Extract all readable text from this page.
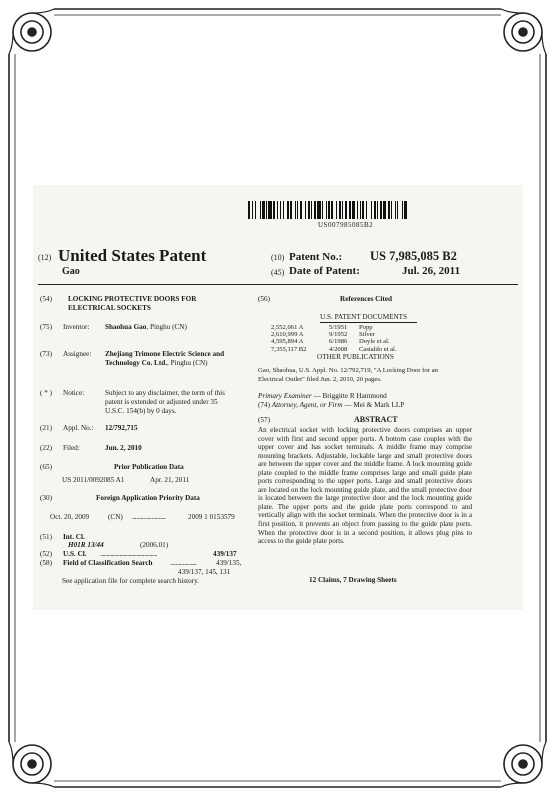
US007985085B2
(12) United States Patent
Gao
(10) Patent No.: US 7,985,085 B2
(45) Date of Patent:	Jul. 26, 2011
(54) LOCKING PROTECTIVE DOORS FOR
ELECTRICAL SOCKETS
(75) Inventor: Shaohua Gao, Pinghu (CN)
(73) Assignee: Zhejiang Trimone Electric Science and
Technology Co. Ltd., Pinghu (CN)
( * ) Notice:	Subject to any disclaimer, the term of this
patent is extended or adjusted under 35
U.S.C. 154(b) by 0 days.
(21) Appl. No.: 12/792,715
(22) Filed:	Jun. 2, 2010
(65)	Prior Publication Data
US 2011/0092085 A1	Apr. 21, 2011
(30)	Foreign Application Priority Data
Oct. 20, 2009	(CN) ........................	2009 1 0153579
(51) Int. Cl.
H01R 13/44	(2006.01)
(52) U.S. Cl. ............................................	439/137
(58) Field of Classification Search ...................	439/135,
439/137, 145, 131
See application file for complete search history.
(56)	References Cited
U.S. PATENT DOCUMENTS
2,552,061 A	5/1951 Popp
2,610,999 A	9/1952 Silver
4,595,894 A	6/1986 Doyle et al.
7,355,117 B2	4/2008 Castaldo et al.
OTHER PUBLICATIONS
Gao, Shaohua, U.S. Appl. No. 12/792,719, "A Locking Door for an
Electrical Outlet" filed Jun. 2, 2010, 20 pages.
Primary Examiner — Briggitte R Hammond
(74) Attorney, Agent, or Firm — Mei & Mark LLP
(57)	ABSTRACT
An electrical socket with locking protective doors comprises an upper cover with first and second upper ports. A bottom case couples with the upper cover and has socket terminals. A middle frame may comprise mounting brackets. Adjustable, lockable large and small protective doors are between the upper cover and the middle frame. A lock mounting guide plate coupled to the middle frame comprises large and small guide plate ports corresponding to the upper ports. Large and small protective doors are located on the lock mounting guide plate, and the small protective door is located between the large protective door and the lock mounting guide plate. The upper ports and the guide plate ports correspond to and vertically align with the socket terminals. When the protective door is in a first position, it prevents an object from passing to the guide plate ports. When the protective door is in a second position, it allows plug pins to access to the guide plate ports.
12 Claims, 7 Drawing Sheets
